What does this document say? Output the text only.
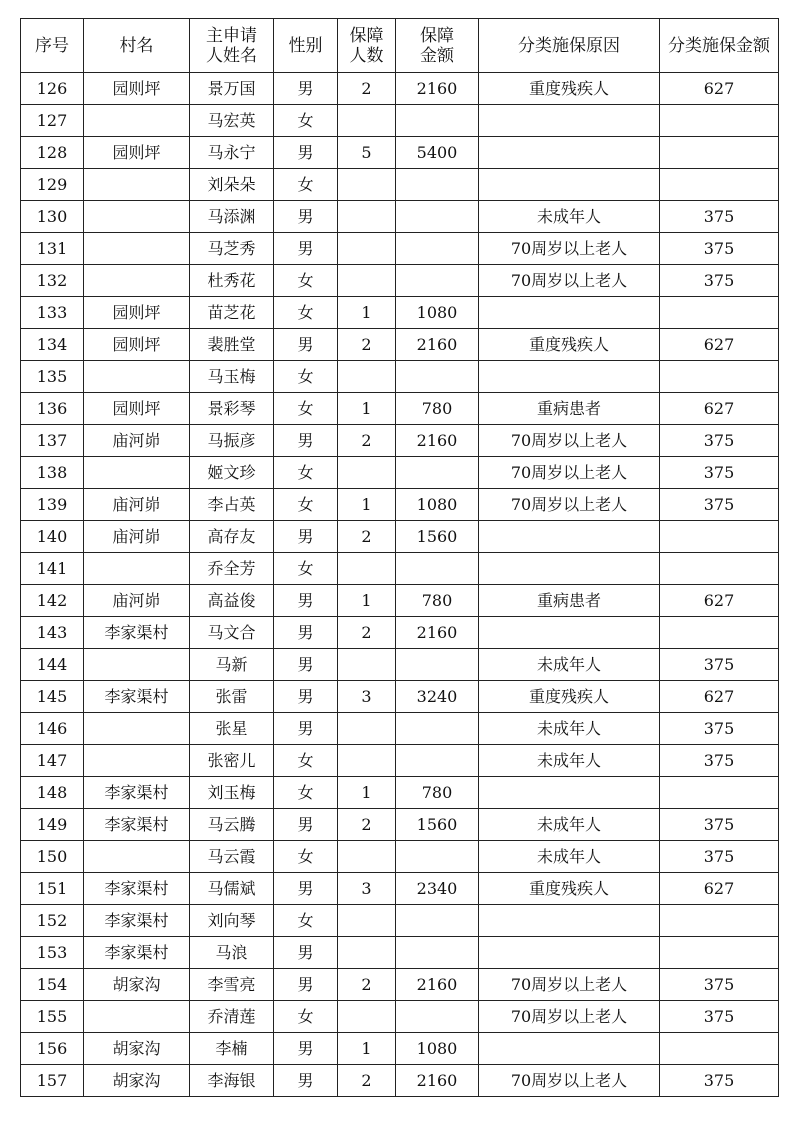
序号	村名	主申请人姓名	性别	保障人数	保障金额	分类施保原因	分类施保金额
126	园则坪	景万国	男	2	2160	重度残疾人	627
127		马宏英	女				
128	园则坪	马永宁	男	5	5400		
129		刘朵朵	女				
130		马添渊	男			未成年人	375
131		马芝秀	男			70周岁以上老人	375
132		杜秀花	女			70周岁以上老人	375
133	园则坪	苗芝花	女	1	1080		
134	园则坪	裴胜堂	男	2	2160	重度残疾人	627
135		马玉梅	女				
136	园则坪	景彩琴	女	1	780	重病患者	627
137	庙河峁	马振彦	男	2	2160	70周岁以上老人	375
138		姬文珍	女			70周岁以上老人	375
139	庙河峁	李占英	女	1	1080	70周岁以上老人	375
140	庙河峁	高存友	男	2	1560		
141		乔全芳	女				
142	庙河峁	高益俊	男	1	780	重病患者	627
143	李家渠村	马文合	男	2	2160		
144		马新	男			未成年人	375
145	李家渠村	张雷	男	3	3240	重度残疾人	627
146		张星	男			未成年人	375
147		张密儿	女			未成年人	375
148	李家渠村	刘玉梅	女	1	780		
149	李家渠村	马云腾	男	2	1560	未成年人	375
150		马云霞	女			未成年人	375
151	李家渠村	马儒斌	男	3	2340	重度残疾人	627
152	李家渠村	刘向琴	女				
153	李家渠村	马浪	男				
154	胡家沟	李雪亮	男	2	2160	70周岁以上老人	375
155		乔清莲	女			70周岁以上老人	375
156	胡家沟	李楠	男	1	1080		
157	胡家沟	李海银	男	2	2160	70周岁以上老人	375
